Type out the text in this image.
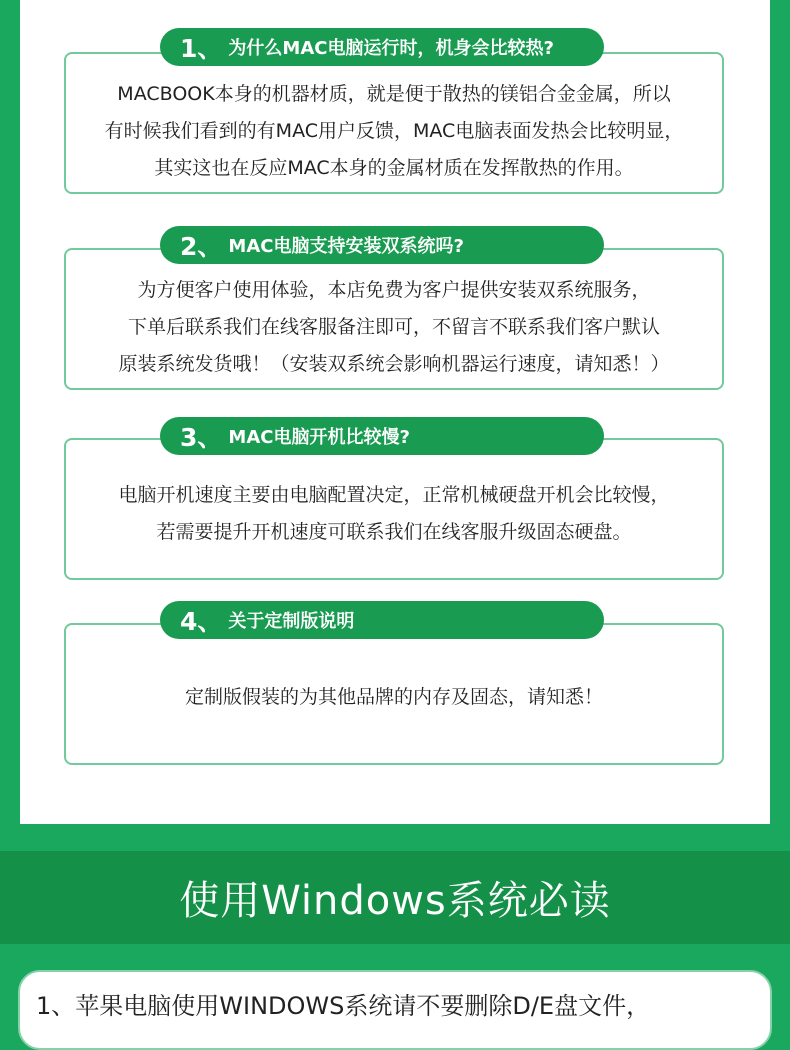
MACBOOK本身的机器材质，就是便于散热的镁铝合金金属，所以
有时候我们看到的有MAC用户反馈，MAC电脑表面发热会比较明显，
其实这也在反应MAC本身的金属材质在发挥散热的作用。
1、 为什么MAC电脑运行时，机身会比较热?
为方便客户使用体验，本店免费为客户提供安装双系统服务，
下单后联系我们在线客服备注即可，不留言不联系我们客户默认
原装系统发货哦！（安装双系统会影响机器运行速度，请知悉！）
2、 MAC电脑支持安装双系统吗?
电脑开机速度主要由电脑配置决定，正常机械硬盘开机会比较慢，
若需要提升开机速度可联系我们在线客服升级固态硬盘。
3、 MAC电脑开机比较慢?
定制版假装的为其他品牌的内存及固态，请知悉！
4、 关于定制版说明
使用Windows系统必读
1、苹果电脑使用WINDOWS系统请不要删除D/E盘文件，
